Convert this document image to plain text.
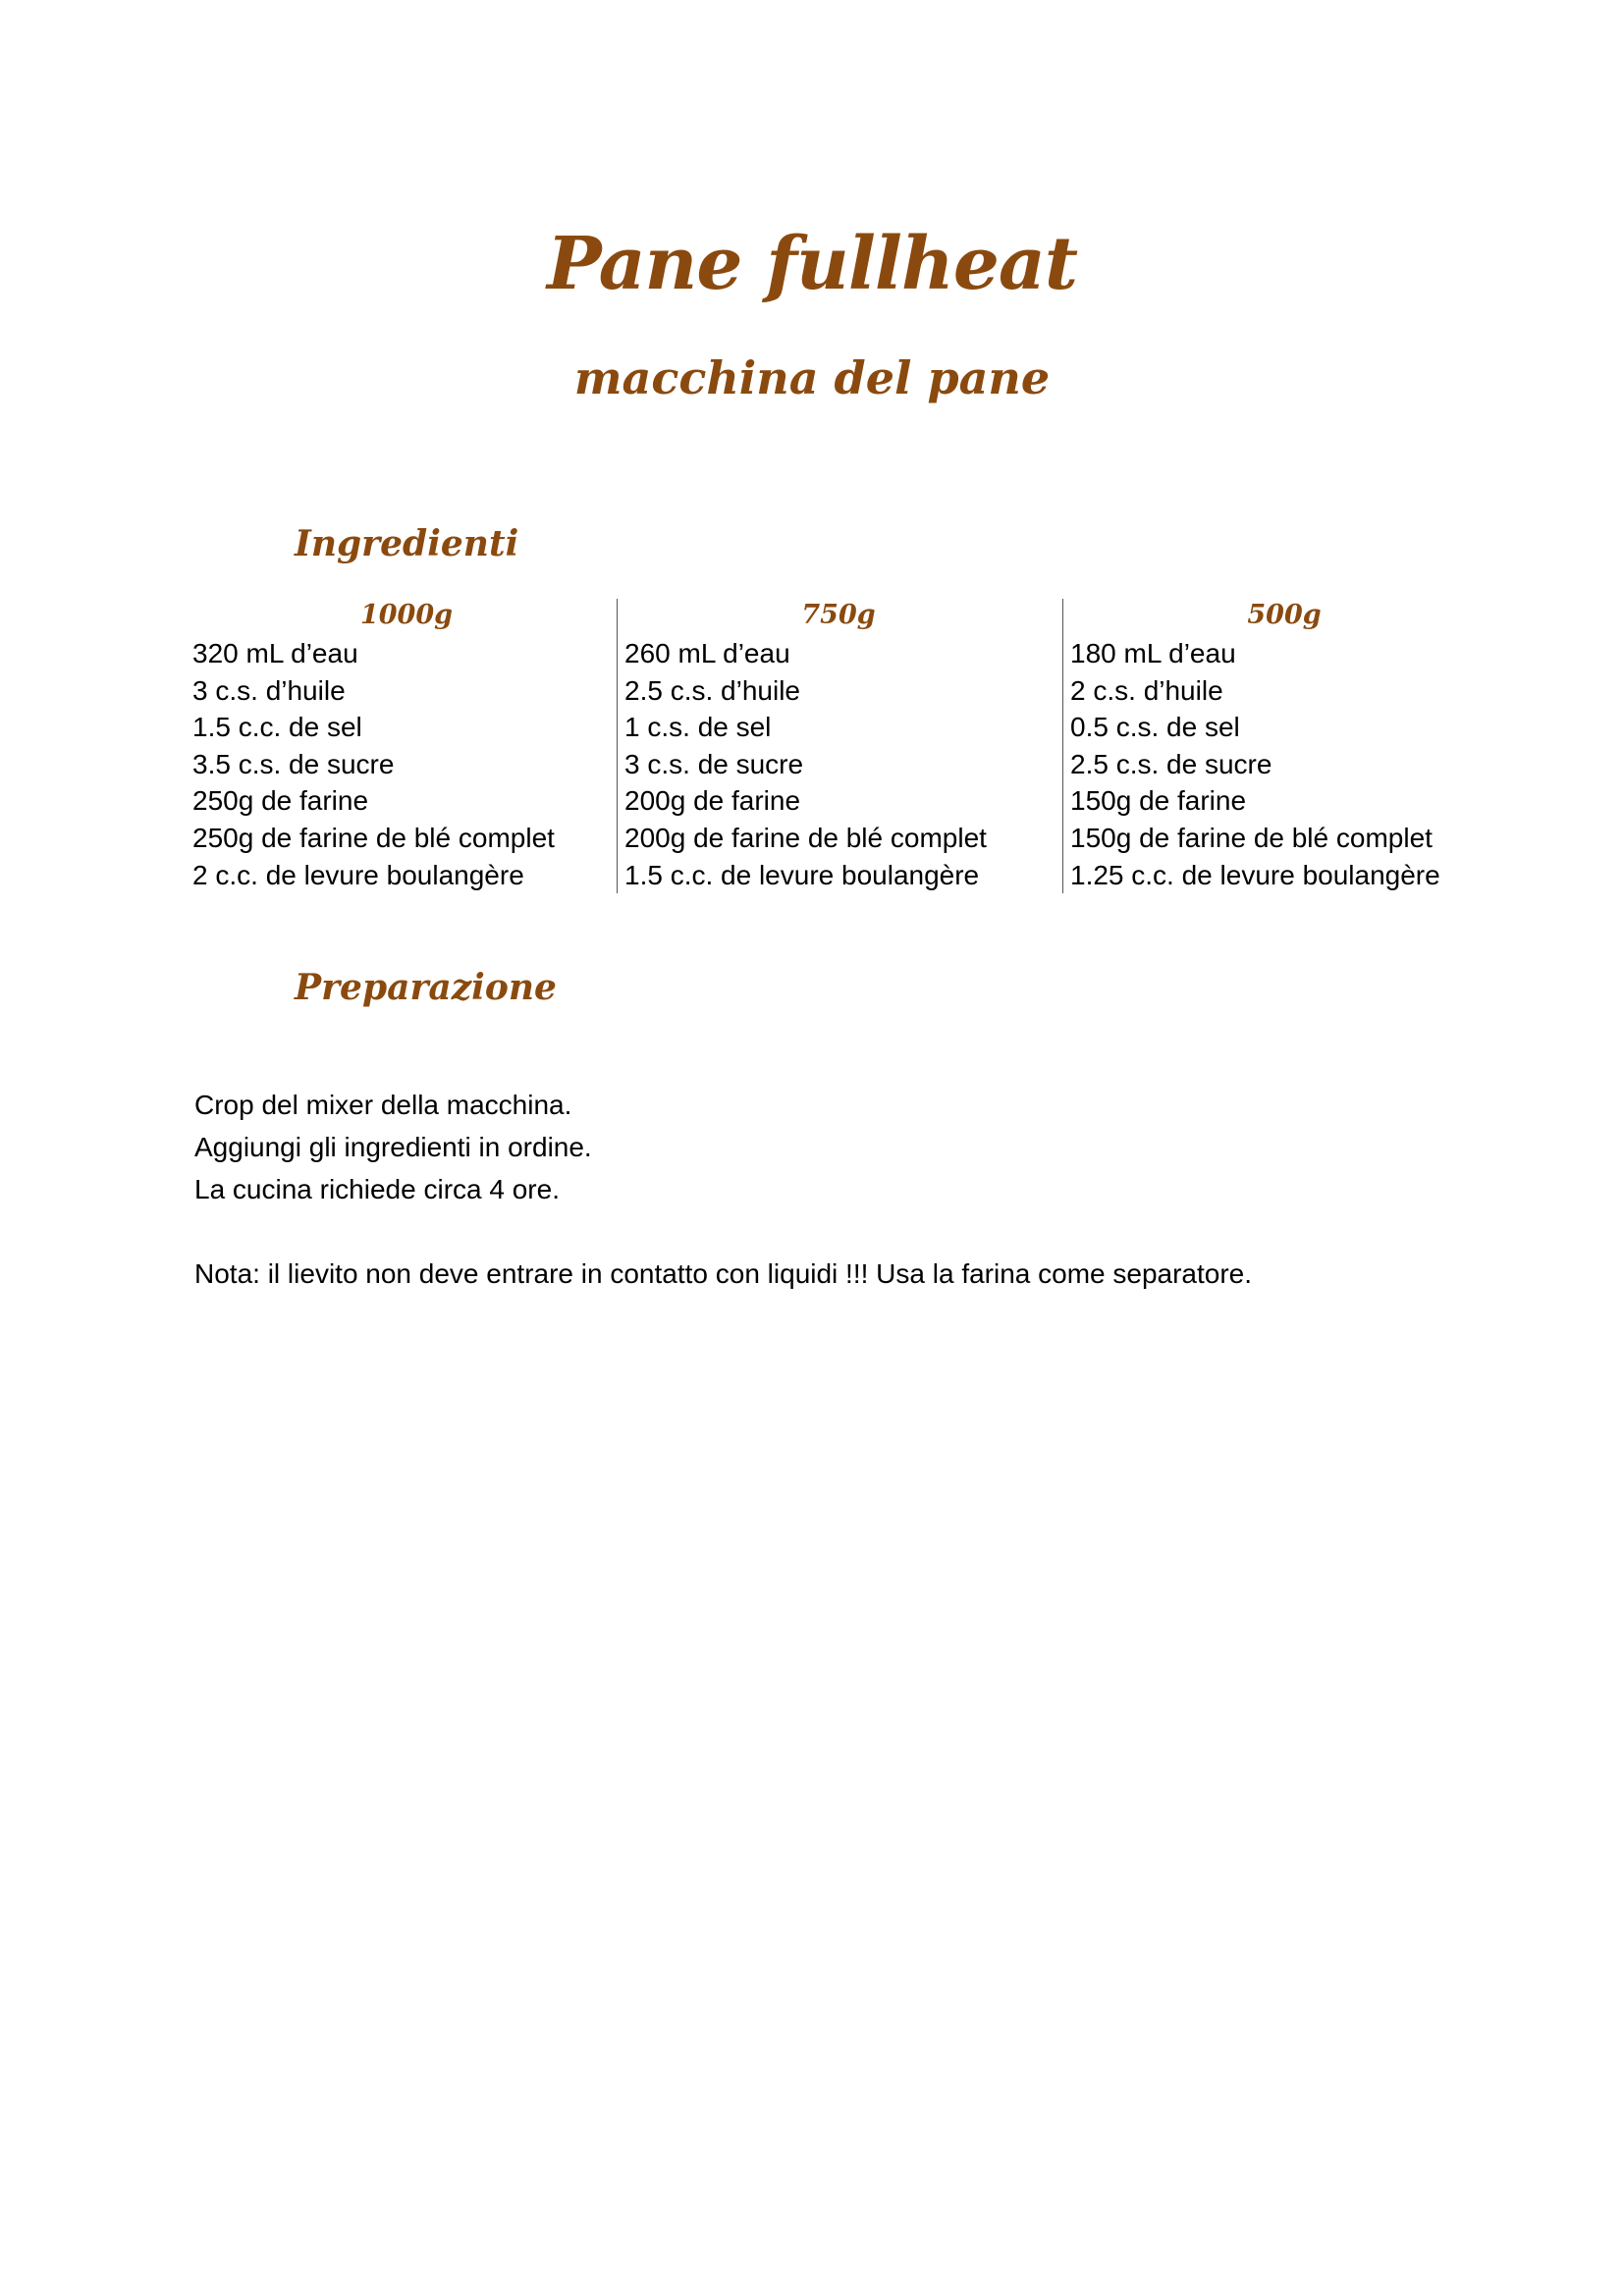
Pane fullheat
macchina del pane
Ingredienti
1000g
320 mL d’eau
3 c.s. d’huile
1.5 c.c. de sel
3.5 c.s. de sucre
250g de farine
250g de farine de blé complet
2 c.c. de levure boulangère
750g
260 mL d’eau
2.5 c.s. d’huile
1 c.s. de sel
3 c.s. de sucre
200g de farine
200g de farine de blé complet
1.5 c.c. de levure boulangère
500g
180 mL d’eau
2 c.s. d’huile
0.5 c.s. de sel
2.5 c.s. de sucre
150g de farine
150g de farine de blé complet
1.25 c.c. de levure boulangère
Preparazione

Crop del mixer della macchina.

Aggiungi gli ingredienti in ordine.

La cucina richiede circa 4 ore.

Nota: il lievito non deve entrare in contatto con liquidi !!! Usa la farina come separatore.
